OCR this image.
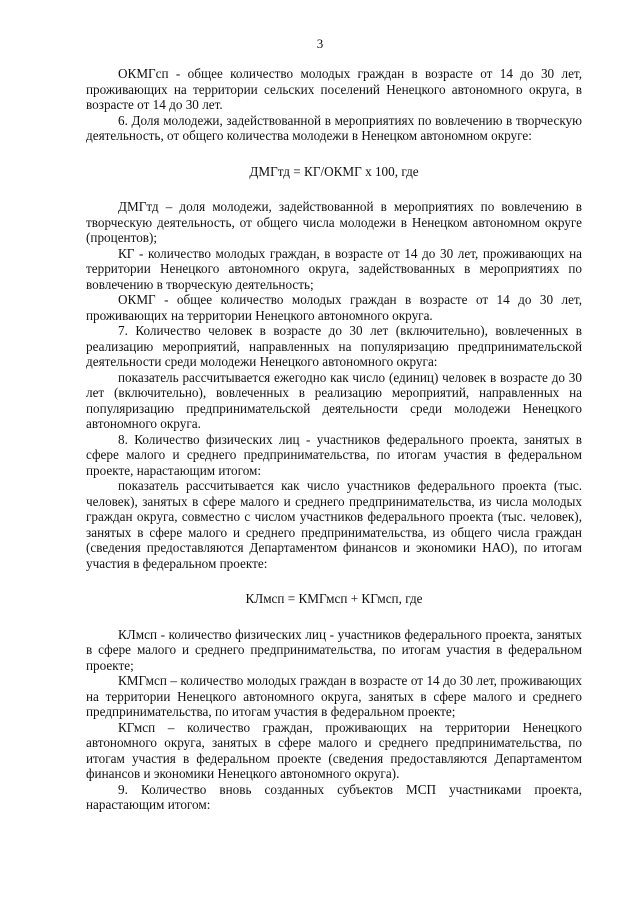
3

ОКМГсп - общее количество молодых граждан в возрасте от 14 до 30 лет, проживающих на территории сельских поселений Ненецкого автономного округа, в возрасте от 14 до 30 лет.

6. Доля молодежи, задействованной в мероприятиях по вовлечению в творческую деятельность, от общего количества молодежи в Ненецком автономном округе:

ДМГтд = КГ/ОКМГ х 100, где

ДМГтд – доля молодежи, задействованной в мероприятиях по вовлечению в творческую деятельность, от общего числа молодежи в Ненецком автономном округе (процентов);

КГ - количество молодых граждан, в возрасте от 14 до 30 лет, проживающих на территории Ненецкого автономного округа, задействованных в мероприятиях по вовлечению в творческую деятельность;

ОКМГ - общее количество молодых граждан в возрасте от 14 до 30 лет, проживающих на территории Ненецкого автономного округа.

7. Количество человек в возрасте до 30 лет (включительно), вовлеченных в реализацию мероприятий, направленных на популяризацию предпринимательской деятельности среди молодежи Ненецкого автономного округа:

показатель рассчитывается ежегодно как число (единиц) человек в возрасте до 30 лет (включительно), вовлеченных в реализацию мероприятий, направленных на популяризацию предпринимательской деятельности среди молодежи Ненецкого автономного округа.

8. Количество физических лиц - участников федерального проекта, занятых в сфере малого и среднего предпринимательства, по итогам участия в федеральном проекте, нарастающим итогом:

показатель рассчитывается как число участников федерального проекта (тыс. человек), занятых в сфере малого и среднего предпринимательства, из числа молодых граждан округа, совместно с числом участников федерального проекта (тыс. человек), занятых в сфере малого и среднего предпринимательства, из общего числа граждан (сведения предоставляются Департаментом финансов и экономики НАО), по итогам участия в федеральном проекте:

КЛмсп = КМГмсп + КГмсп, где

КЛмсп - количество физических лиц - участников федерального проекта, занятых в сфере малого и среднего предпринимательства, по итогам участия в федеральном проекте;

КМГмсп – количество молодых граждан в возрасте от 14 до 30 лет, проживающих на территории Ненецкого автономного округа, занятых в сфере малого и среднего предпринимательства, по итогам участия в федеральном проекте;

КГмсп – количество граждан, проживающих на территории Ненецкого автономного округа, занятых в сфере малого и среднего предпринимательства, по итогам участия в федеральном проекте (сведения предоставляются Департаментом финансов и экономики Ненецкого автономного округа).

9. Количество вновь созданных субъектов МСП участниками проекта, нарастающим итогом:
